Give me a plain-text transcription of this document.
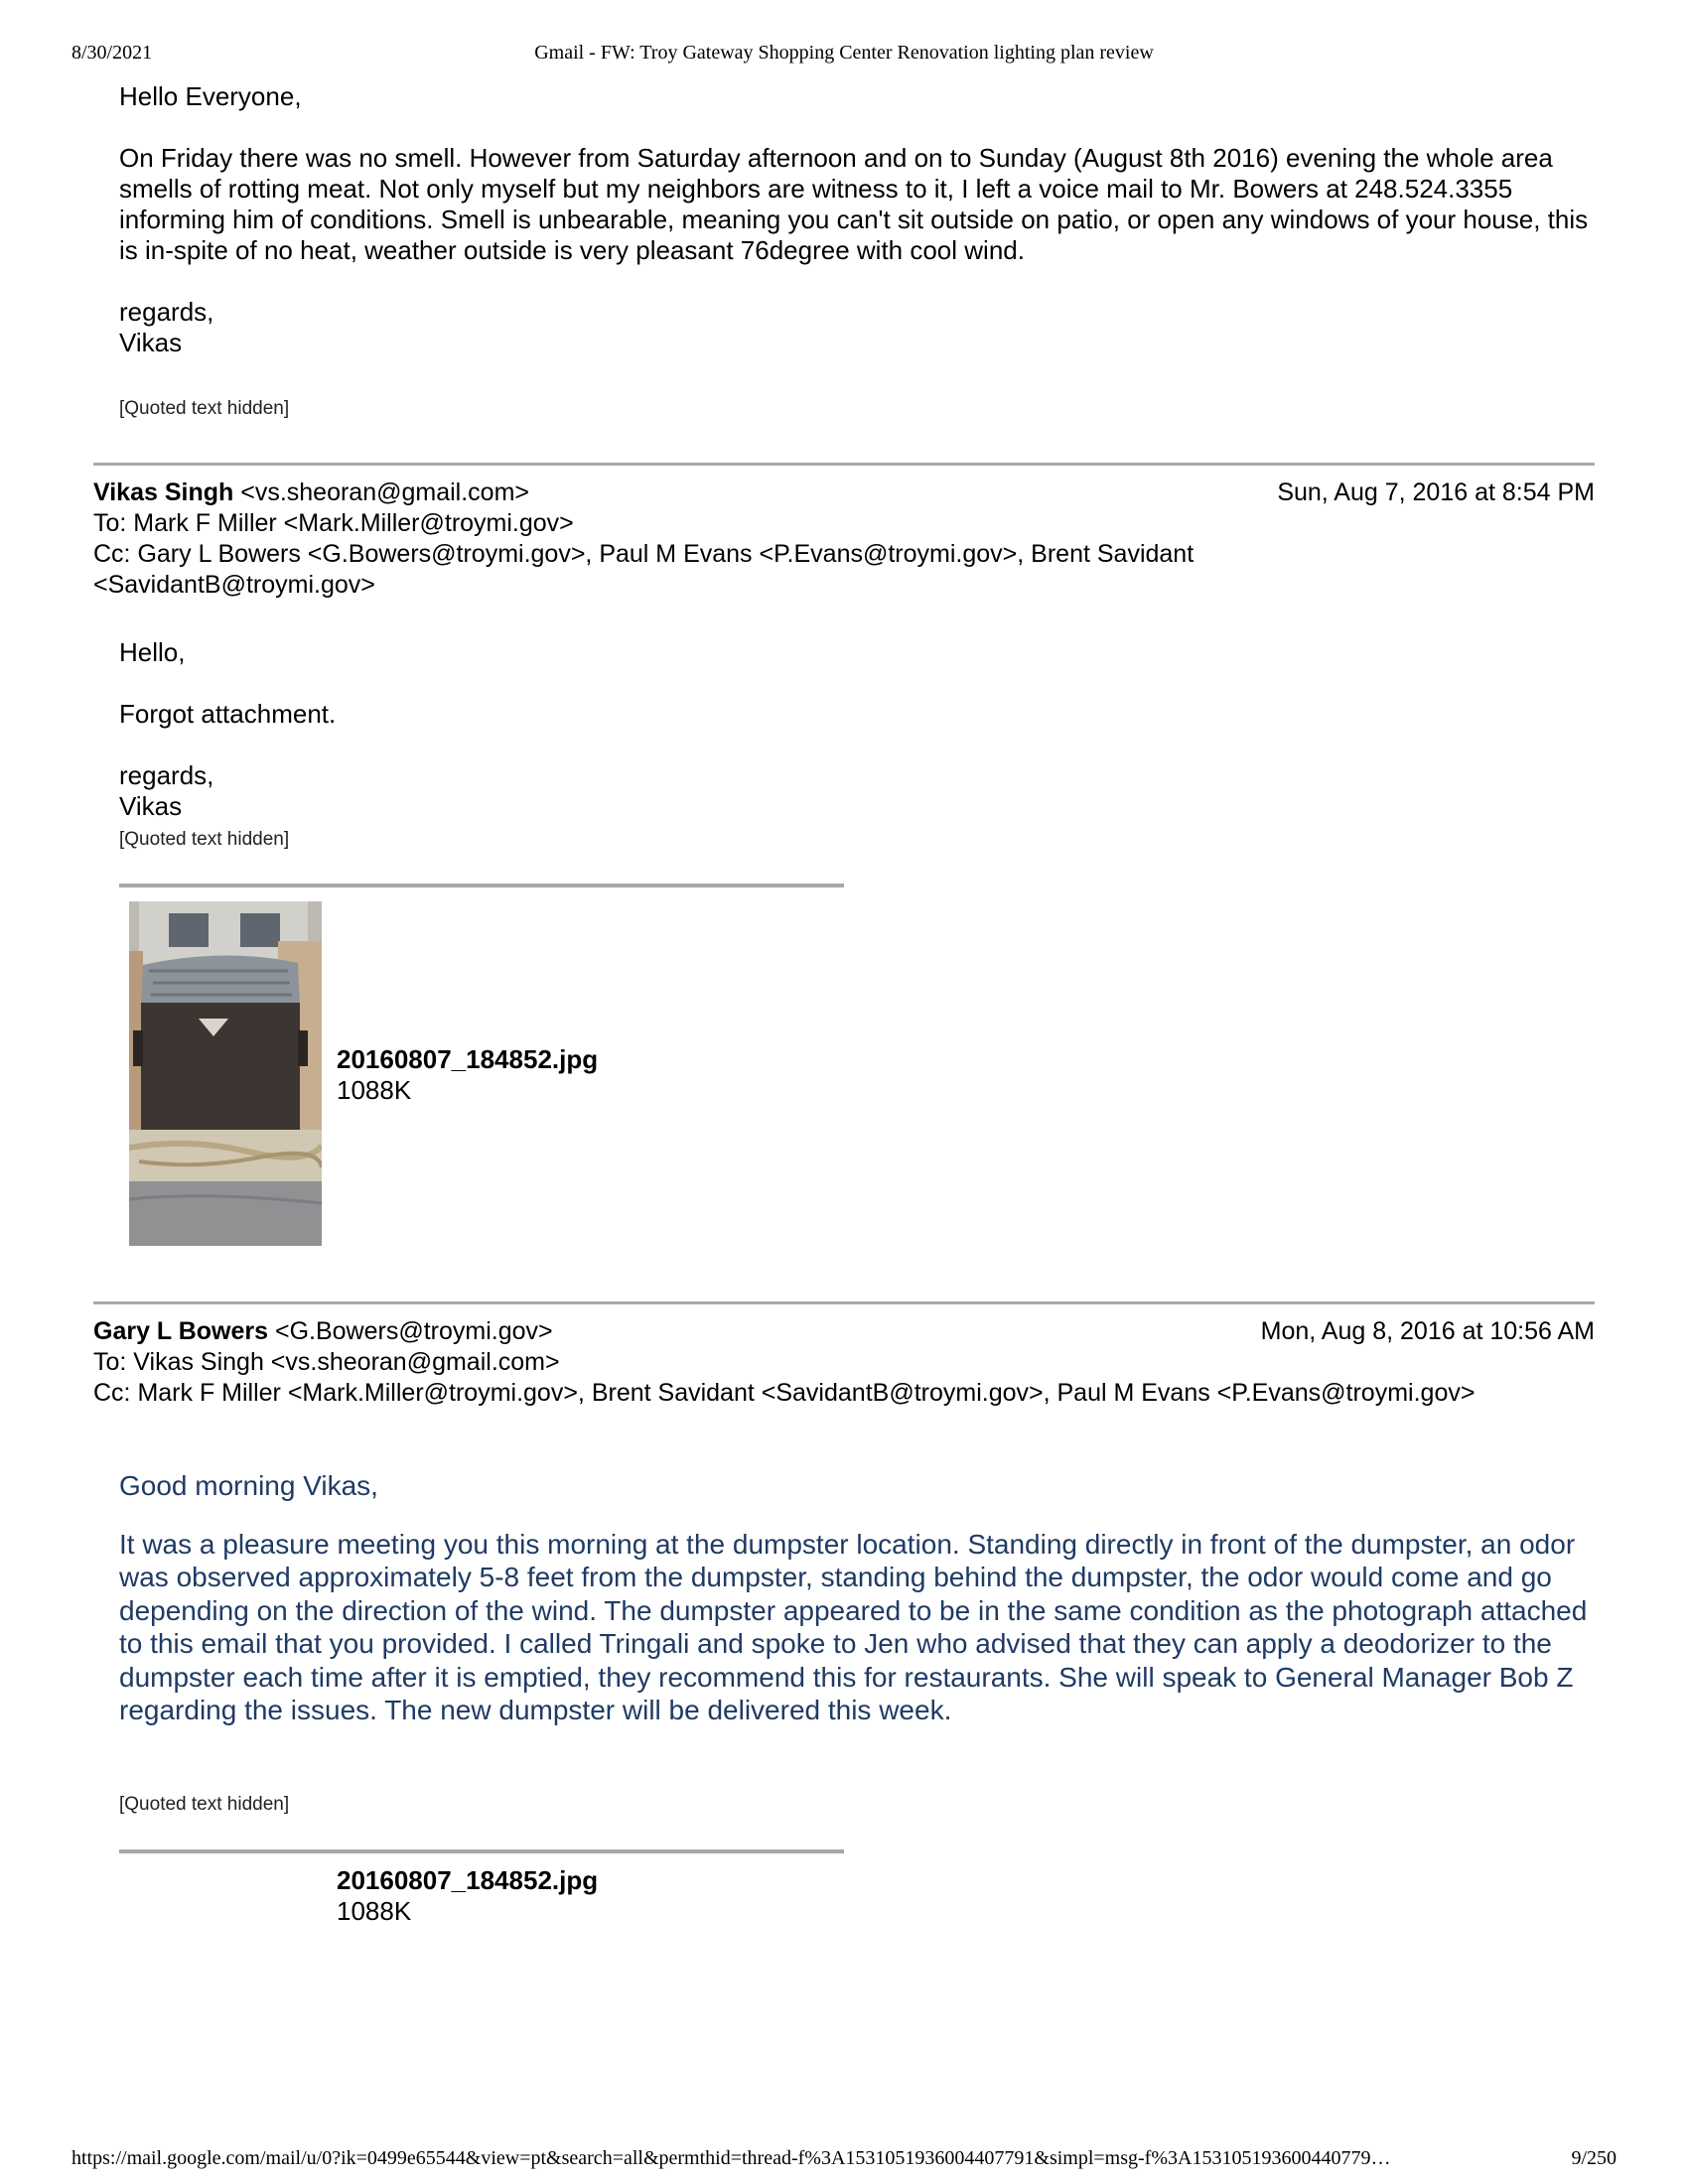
8/30/2021	Gmail - FW: Troy Gateway Shopping Center Renovation lighting plan review

Hello Everyone,

On Friday there was no smell. However from Saturday afternoon and on to Sunday (August 8th 2016) evening the whole area smells of rotting meat. Not only myself but my neighbors are witness to it, I left a voice mail to Mr. Bowers at 248.524.3355 informing him of conditions. Smell is unbearable, meaning you can't sit outside on patio, or open any windows of your house, this is in-spite of no heat, weather outside is very pleasant 76degree with cool wind.

regards,

Vikas

[Quoted text hidden]
Vikas Singh <vs.sheoran@gmail.com>	Sun, Aug 7, 2016 at 8:54 PM
To: Mark F Miller <Mark.Miller@troymi.gov>
Cc: Gary L Bowers <G.Bowers@troymi.gov>, Paul M Evans <P.Evans@troymi.gov>, Brent Savidant
<SavidantB@troymi.gov>

Hello,

Forgot attachment.

regards,

Vikas

[Quoted text hidden]
20160807_184852.jpg
1088K
Gary L Bowers <G.Bowers@troymi.gov>	Mon, Aug 8, 2016 at 10:56 AM
To: Vikas Singh <vs.sheoran@gmail.com>
Cc: Mark F Miller <Mark.Miller@troymi.gov>, Brent Savidant <SavidantB@troymi.gov>, Paul M Evans <P.Evans@troymi.gov>

Good morning Vikas,

It was a pleasure meeting you this morning at the dumpster location. Standing directly in front of the dumpster, an odor was observed approximately 5-8 feet from the dumpster, standing behind the dumpster, the odor would come and go depending on the direction of the wind. The dumpster appeared to be in the same condition as the photograph attached to this email that you provided. I called Tringali and spoke to Jen who advised that they can apply a deodorizer to the dumpster each time after it is emptied, they recommend this for restaurants. She will speak to General Manager Bob Z regarding the issues. The new dumpster will be delivered this week.

[Quoted text hidden]
20160807_184852.jpg
1088K
https://mail.google.com/mail/u/0?ik=0499e65544&view=pt&search=all&permthid=thread-f%3A1531051936004407791&simpl=msg-f%3A153105193600440779…	9/250
